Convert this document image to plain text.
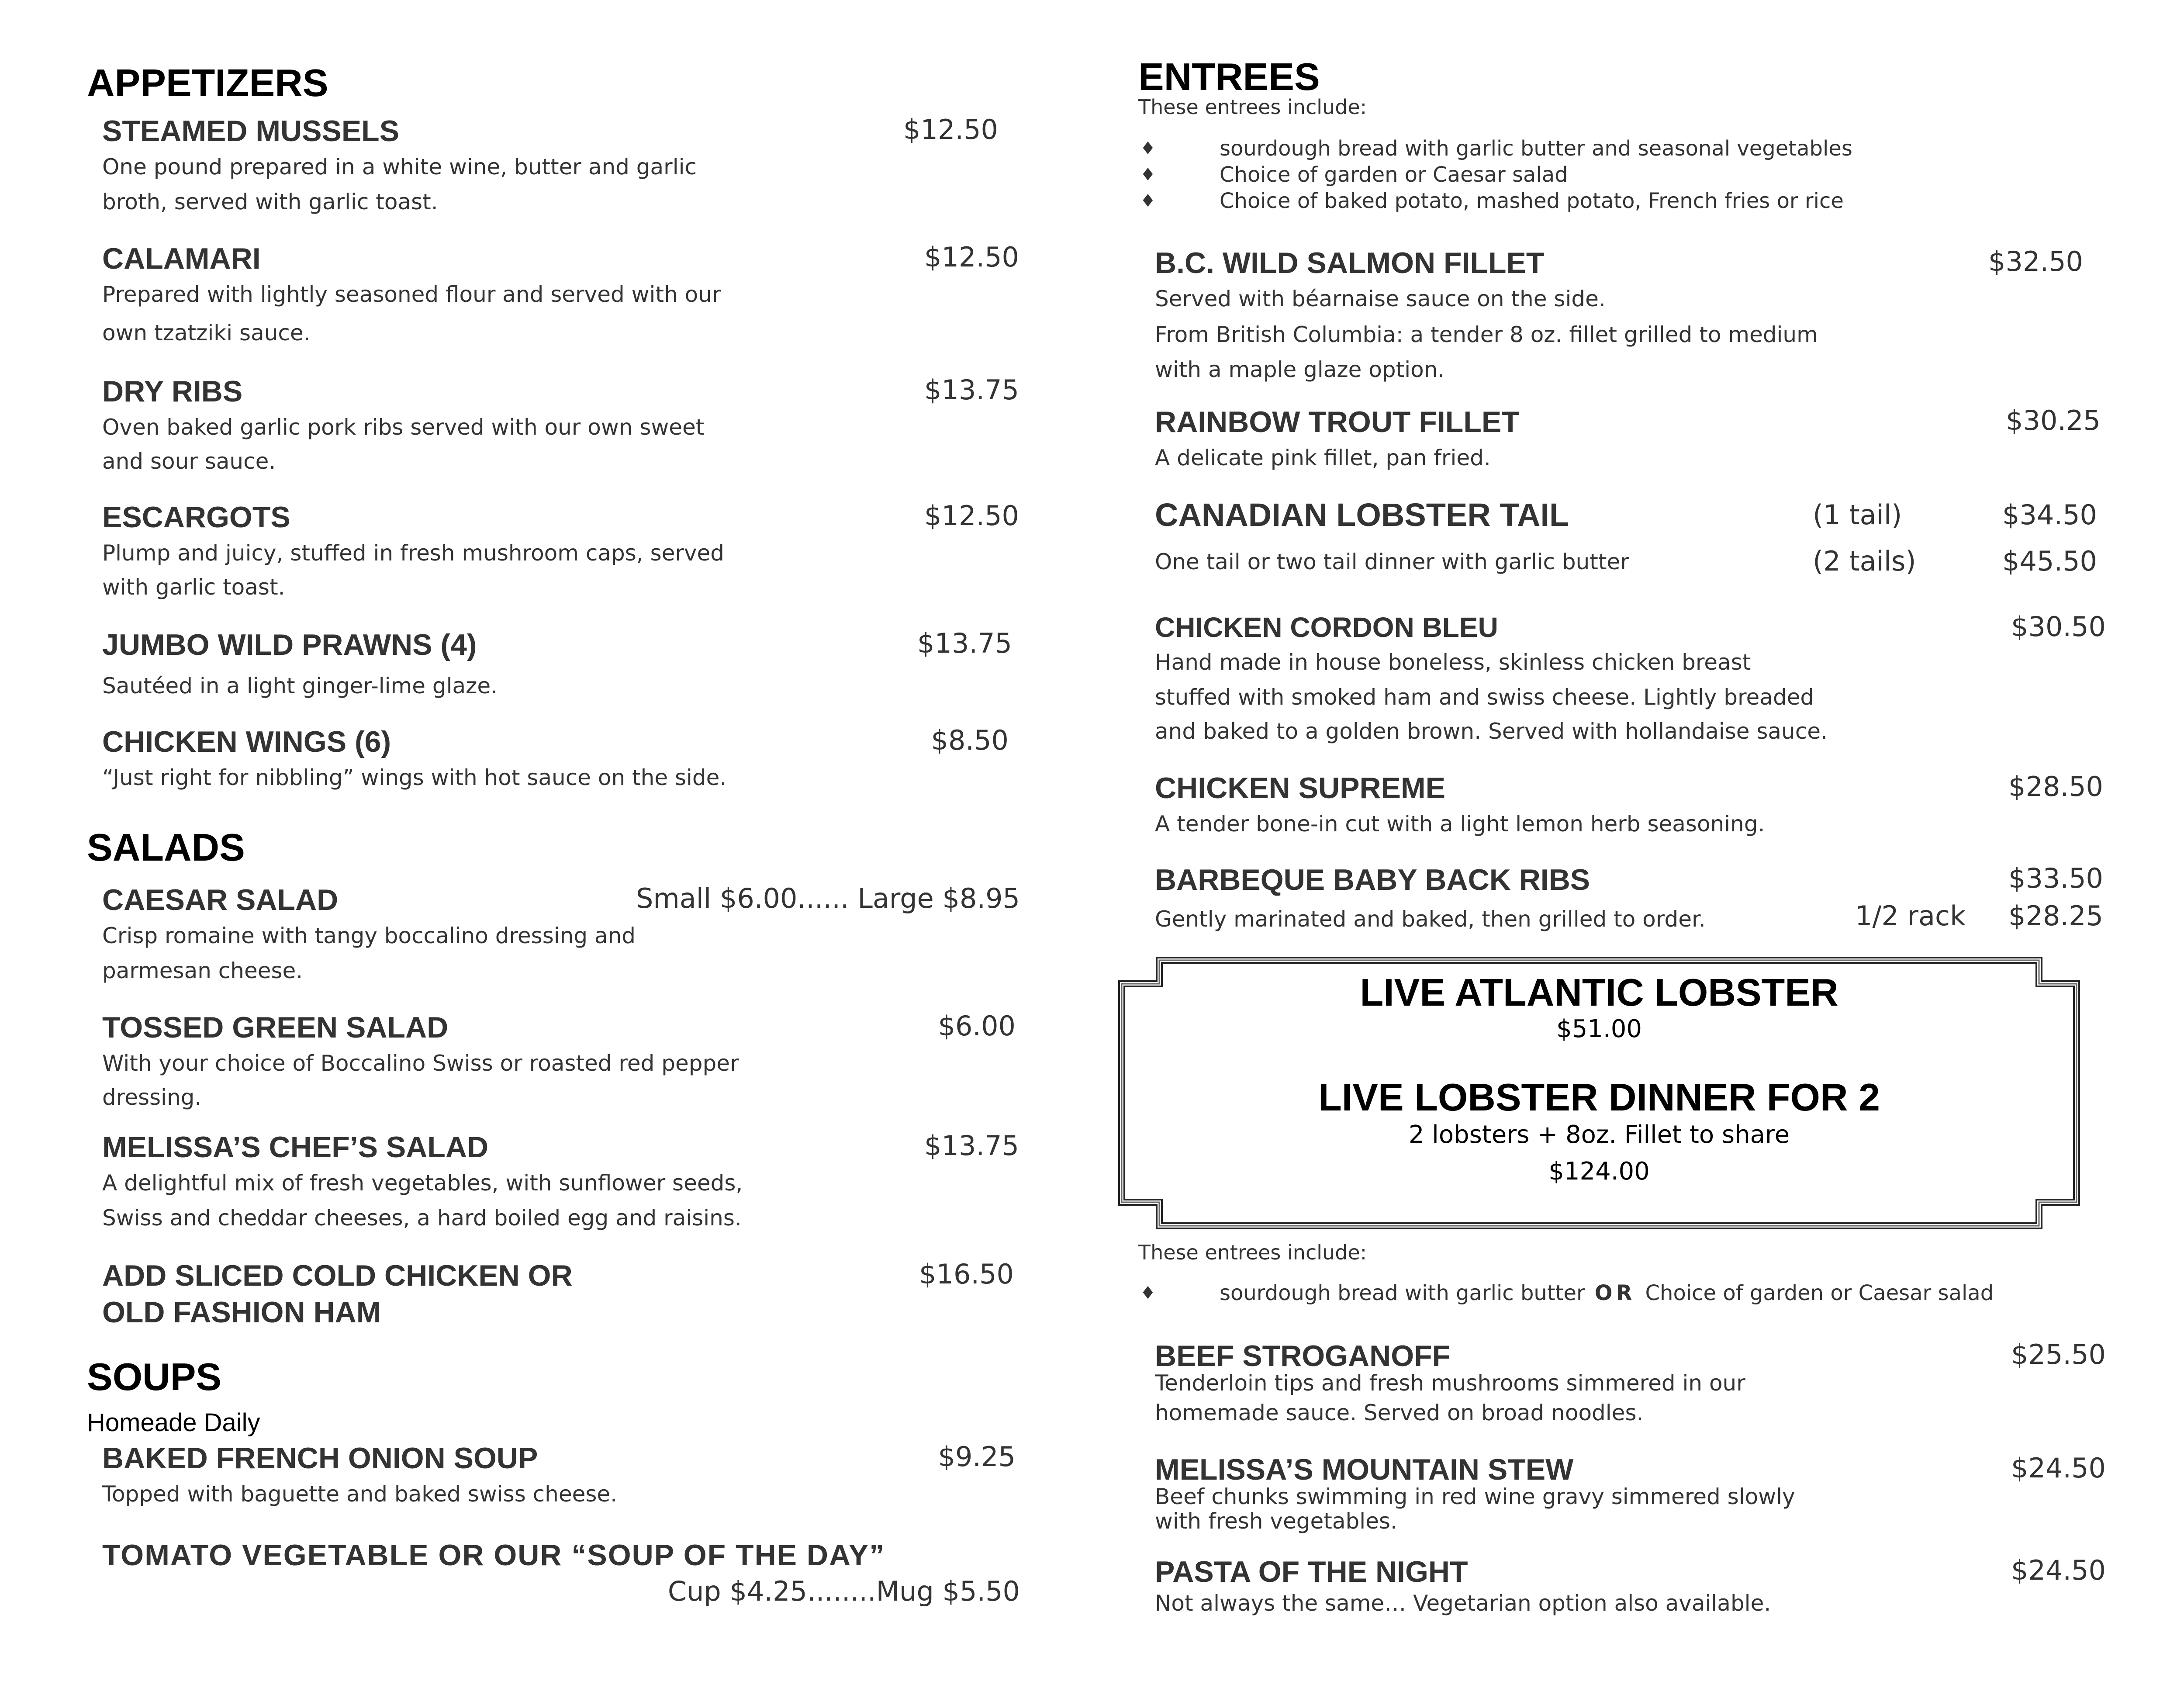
APPETIZERS
STEAMED MUSSELS	$12.50
One pound prepared in a white wine, butter and garlic
broth, served with garlic toast.
CALAMARI	$12.50
Prepared with lightly seasoned flour and served with our
own tzatziki sauce.
DRY RIBS	$13.75
Oven baked garlic pork ribs served with our own sweet
and sour sauce.
ESCARGOTS	$12.50
Plump and juicy, stuffed in fresh mushroom caps, served
with garlic toast.
JUMBO WILD PRAWNS (4)	$13.75
Sautéed in a light ginger-lime glaze.
CHICKEN WINGS (6)	$8.50
“Just right for nibbling” wings with hot sauce on the side.
SALADS
CAESAR SALAD	Small $6.00...... Large $8.95
Crisp romaine with tangy boccalino dressing and
parmesan cheese.
TOSSED GREEN SALAD	$6.00
With your choice of Boccalino Swiss or roasted red pepper
dressing.
MELISSA’S CHEF’S SALAD	$13.75
A delightful mix of fresh vegetables, with sunflower seeds,
Swiss and cheddar cheeses, a hard boiled egg and raisins.
ADD SLICED COLD CHICKEN OR
OLD FASHION HAM
$16.50
SOUPS
Homeade Daily
BAKED FRENCH ONION SOUP	$9.25
Topped with baguette and baked swiss cheese.
TOMATO VEGETABLE OR OUR “SOUP OF THE DAY”
Cup $4.25........Mug $5.50
ENTREES
These entrees include:
♦	sourdough bread with garlic butter and seasonal vegetables
♦	Choice of garden or Caesar salad
♦	Choice of baked potato, mashed potato, French fries or rice
B.C. WILD SALMON FILLET	$32.50
Served with béarnaise sauce on the side.
From British Columbia: a tender 8 oz. fillet grilled to medium
with a maple glaze option.
RAINBOW TROUT FILLET	$30.25
A delicate pink fillet, pan fried.
CANADIAN LOBSTER TAIL	(1 tail)	$34.50
One tail or two tail dinner with garlic butter	(2 tails)	$45.50
CHICKEN CORDON BLEU	$30.50
Hand made in house boneless, skinless chicken breast
stuffed with smoked ham and swiss cheese. Lightly breaded
and baked to a golden brown. Served with hollandaise sauce.
CHICKEN SUPREME	$28.50
A tender bone-in cut with a light lemon herb seasoning.
BARBEQUE BABY BACK RIBS	$33.50
Gently marinated and baked, then grilled to order.	1/2 rack	$28.25
LIVE ATLANTIC LOBSTER
$51.00
LIVE LOBSTER DINNER FOR 2
2 lobsters + 8oz. Fillet to share
$124.00
These entrees include:
♦	sourdough bread with garlic butter OR Choice of garden or Caesar salad
BEEF STROGANOFF	$25.50
Tenderloin tips and fresh mushrooms simmered in our
homemade sauce. Served on broad noodles.
MELISSA’S MOUNTAIN STEW	$24.50
Beef chunks swimming in red wine gravy simmered slowly
with fresh vegetables.
PASTA OF THE NIGHT	$24.50
Not always the same… Vegetarian option also available.
